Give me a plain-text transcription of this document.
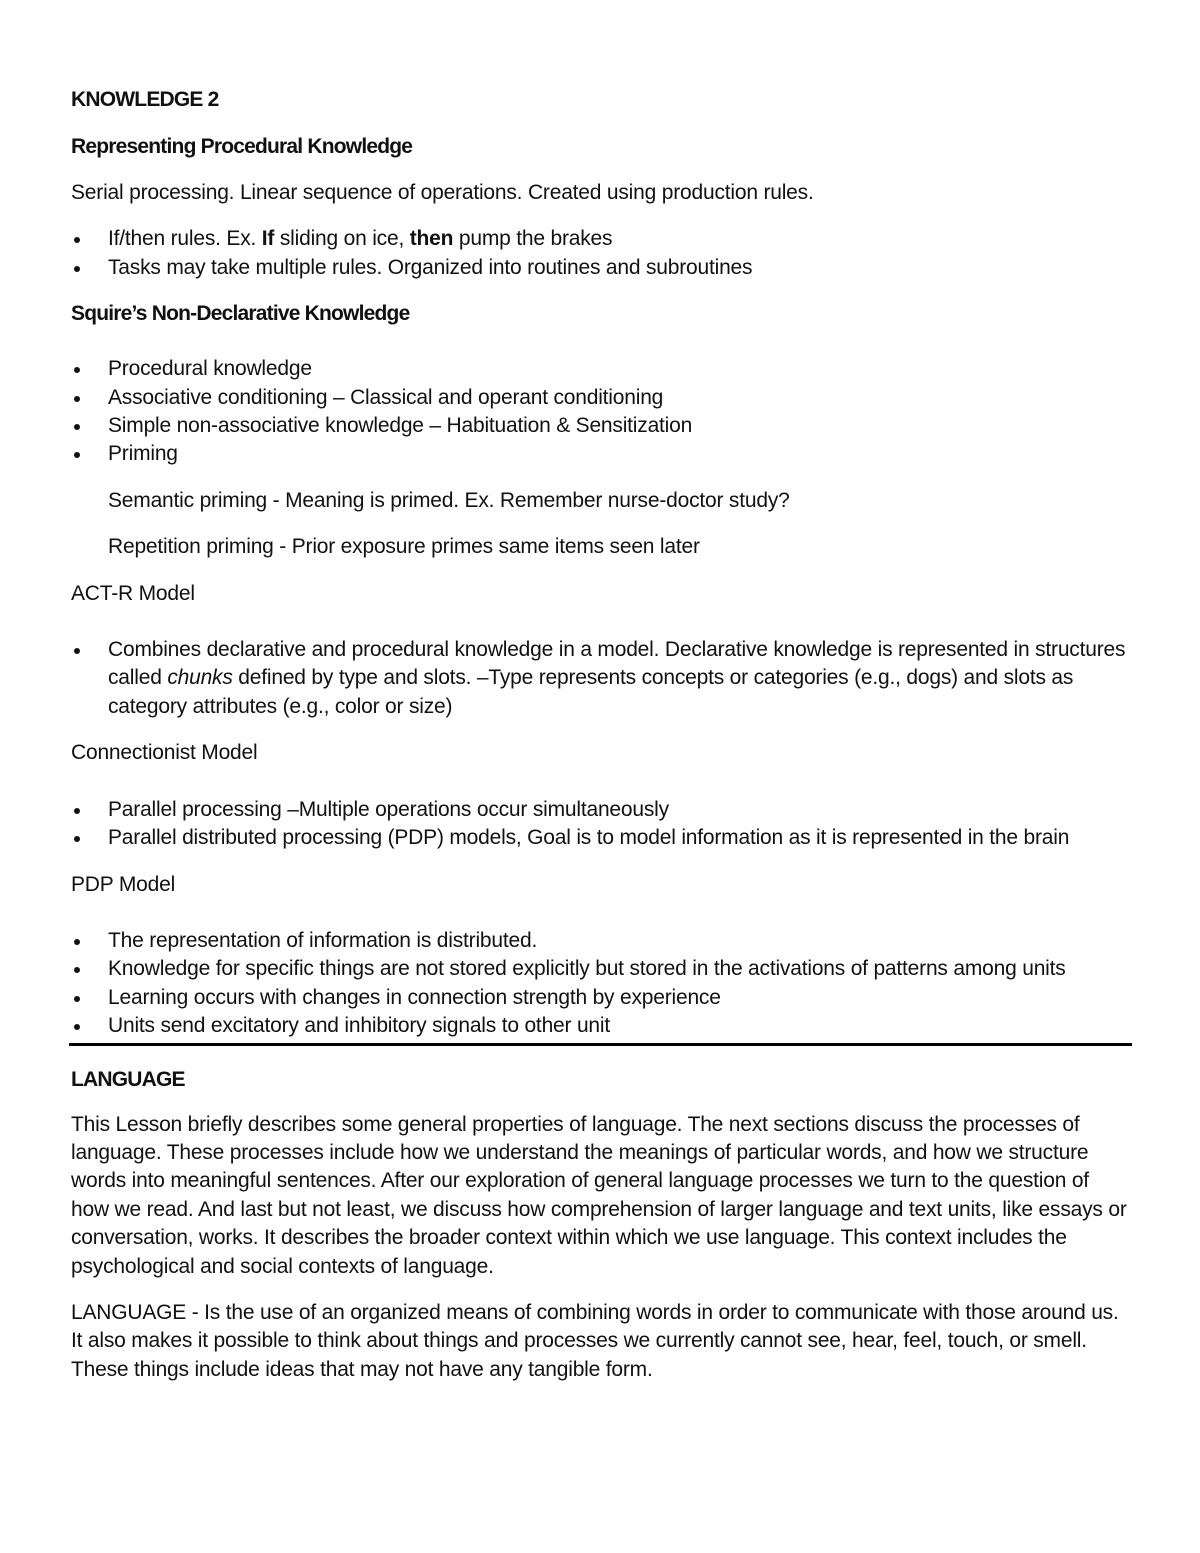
KNOWLEDGE 2
Representing Procedural Knowledge

Serial processing. Linear sequence of operations. Created using production rules.

If/then rules. Ex. If sliding on ice, then pump the brakes
Tasks may take multiple rules. Organized into routines and subroutines
Squire’s Non-Declarative Knowledge
Procedural knowledge
Associative conditioning – Classical and operant conditioning
Simple non-associative knowledge – Habituation & Sensitization
Priming

Semantic priming - Meaning is primed. Ex. Remember nurse-doctor study?

Repetition priming - Prior exposure primes same items seen later

ACT-R Model

Combines declarative and procedural knowledge in a model. Declarative knowledge is represented in structures called chunks defined by type and slots. –Type represents concepts or categories (e.g., dogs) and slots as category attributes (e.g., color or size)

Connectionist Model

Parallel processing –Multiple operations occur simultaneously
Parallel distributed processing (PDP) models, Goal is to model information as it is represented in the brain

PDP Model

The representation of information is distributed.
Knowledge for specific things are not stored explicitly but stored in the activations of patterns among units
Learning occurs with changes in connection strength by experience
Units send excitatory and inhibitory signals to other unit
LANGUAGE

This Lesson briefly describes some general properties of language. The next sections discuss the processes of language. These processes include how we understand the meanings of particular words, and how we structure words into meaningful sentences. After our exploration of general language processes we turn to the question of how we read. And last but not least, we discuss how comprehension of larger language and text units, like essays or conversation, works. It describes the broader context within which we use language. This context includes the psychological and social contexts of language.

LANGUAGE - Is the use of an organized means of combining words in order to communicate with those around us. It also makes it possible to think about things and processes we currently cannot see, hear, feel, touch, or smell. These things include ideas that may not have any tangible form.
